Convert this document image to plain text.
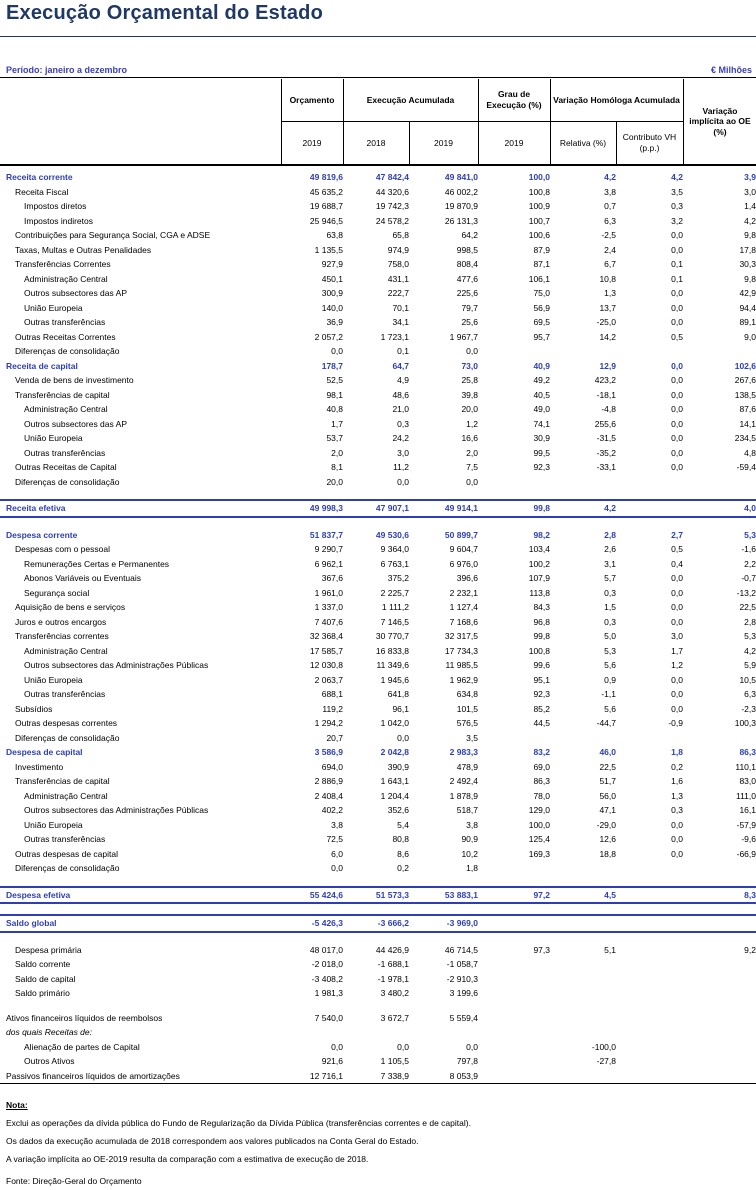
Execução Orçamental do Estado
Período: janeiro a dezembro	€ Milhões
Orçamento	Execução Acumulada
Grau de Execução (%)
Variação Homóloga Acumulada
Variação implícita ao OE (%)
2019	2018	2019	2019	Relativa (%)
Contributo VH (p.p.)
Receita corrente	49 819,6	47 842,4	49 841,0	100,0	4,2	4,2	3,9
Receita Fiscal	45 635,2	44 320,6	46 002,2	100,8	3,8	3,5	3,0
Impostos diretos	19 688,7	19 742,3	19 870,9	100,9	0,7	0,3	1,4
Impostos indiretos	25 946,5	24 578,2	26 131,3	100,7	6,3	3,2	4,2
Contribuições para Segurança Social, CGA e ADSE	63,8	65,8	64,2	100,6	-2,5	0,0	9,8
Taxas, Multas e Outras Penalidades	1 135,5	974,9	998,5	87,9	2,4	0,0	17,8
Transferências Correntes	927,9	758,0	808,4	87,1	6,7	0,1	30,3
Administração Central	450,1	431,1	477,6	106,1	10,8	0,1	9,8
Outros subsectores das AP	300,9	222,7	225,6	75,0	1,3	0,0	42,9
União Europeia	140,0	70,1	79,7	56,9	13,7	0,0	94,4
Outras transferências	36,9	34,1	25,6	69,5	-25,0	0,0	89,1
Outras Receitas Correntes	2 057,2	1 723,1	1 967,7	95,7	14,2	0,5	9,0
Diferenças de consolidação	0,0	0,1	0,0				
Receita de capital	178,7	64,7	73,0	40,9	12,9	0,0	102,6
Venda de bens de investimento	52,5	4,9	25,8	49,2	423,2	0,0	267,6
Transferências de capital	98,1	48,6	39,8	40,5	-18,1	0,0	138,5
Administração Central	40,8	21,0	20,0	49,0	-4,8	0,0	87,6
Outros subsectores das AP	1,7	0,3	1,2	74,1	255,6	0,0	14,1
União Europeia	53,7	24,2	16,6	30,9	-31,5	0,0	234,5
Outras transferências	2,0	3,0	2,0	99,5	-35,2	0,0	4,8
Outras Receitas de Capital	8,1	11,2	7,5	92,3	-33,1	0,0	-59,4
Diferenças de consolidação	20,0	0,0	0,0				

Receita efetiva	49 998,3	47 907,1	49 914,1	99,8	4,2		4,0

Despesa corrente	51 837,7	49 530,6	50 899,7	98,2	2,8	2,7	5,3
Despesas com o pessoal	9 290,7	9 364,0	9 604,7	103,4	2,6	0,5	-1,6
Remunerações Certas e Permanentes	6 962,1	6 763,1	6 976,0	100,2	3,1	0,4	2,2
Abonos Variáveis ou Eventuais	367,6	375,2	396,6	107,9	5,7	0,0	-0,7
Segurança social	1 961,0	2 225,7	2 232,1	113,8	0,3	0,0	-13,2
Aquisição de bens e serviços	1 337,0	1 111,2	1 127,4	84,3	1,5	0,0	22,5
Juros e outros encargos	7 407,6	7 146,5	7 168,6	96,8	0,3	0,0	2,8
Transferências correntes	32 368,4	30 770,7	32 317,5	99,8	5,0	3,0	5,3
Administração Central	17 585,7	16 833,8	17 734,3	100,8	5,3	1,7	4,2
Outros subsectores das Administrações Públicas	12 030,8	11 349,6	11 985,5	99,6	5,6	1,2	5,9
União Europeia	2 063,7	1 945,6	1 962,9	95,1	0,9	0,0	10,5
Outras transferências	688,1	641,8	634,8	92,3	-1,1	0,0	6,3
Subsídios	119,2	96,1	101,5	85,2	5,6	0,0	-2,3
Outras despesas correntes	1 294,2	1 042,0	576,5	44,5	-44,7	-0,9	100,3
Diferenças de consolidação	20,7	0,0	3,5				
Despesa de capital	3 586,9	2 042,8	2 983,3	83,2	46,0	1,8	86,3
Investimento	694,0	390,9	478,9	69,0	22,5	0,2	110,1
Transferências de capital	2 886,9	1 643,1	2 492,4	86,3	51,7	1,6	83,0
Administração Central	2 408,4	1 204,4	1 878,9	78,0	56,0	1,3	111,0
Outros subsectores das Administrações Públicas	402,2	352,6	518,7	129,0	47,1	0,3	16,1
União Europeia	3,8	5,4	3,8	100,0	-29,0	0,0	-57,9
Outras transferências	72,5	80,8	90,9	125,4	12,6	0,0	-9,6
Outras despesas de capital	6,0	8,6	10,2	169,3	18,8	0,0	-66,9
Diferenças de consolidação	0,0	0,2	1,8				

Despesa efetiva	55 424,6	51 573,3	53 883,1	97,2	4,5		8,3

Saldo global	-5 426,3	-3 666,2	-3 969,0				

Despesa primária	48 017,0	44 426,9	46 714,5	97,3	5,1		9,2
Saldo corrente	-2 018,0	-1 688,1	-1 058,7				
Saldo de capital	-3 408,2	-1 978,1	-2 910,3				
Saldo primário	1 981,3	3 480,2	3 199,6				

Ativos financeiros líquidos de reembolsos	7 540,0	3 672,7	5 559,4				
dos quais Receitas de:							
Alienação de partes de Capital	0,0	0,0	0,0		-100,0		
Outros Ativos	921,6	1 105,5	797,8		-27,8		
Passivos financeiros líquidos de amortizações	12 716,1	7 338,9	8 053,9				
Nota:
Exclui as operações da dívida pública do Fundo de Regularização da Dívida Pública (transferências correntes e de capital).
Os dados da execução acumulada de 2018 correspondem aos valores publicados na Conta Geral do Estado.
A variação implícita ao OE-2019 resulta da comparação com a estimativa de execução de 2018.
Fonte: Direção-Geral do Orçamento
